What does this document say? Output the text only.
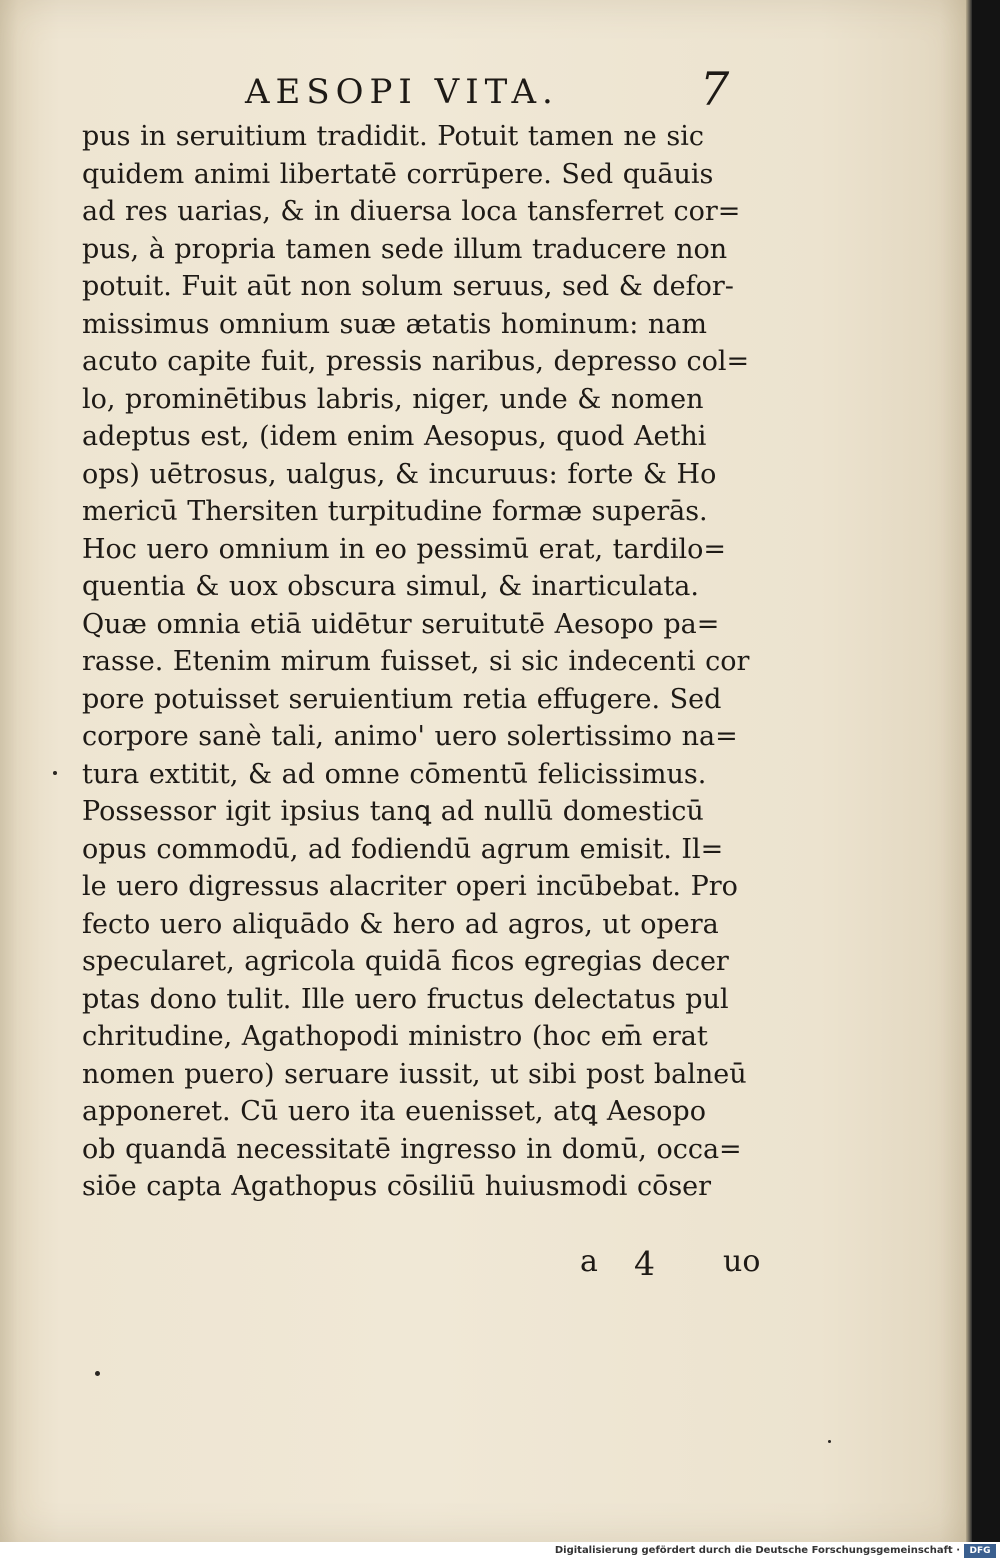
AESOPI VITA.	7
pus in seruitium tradidit. Potuit tamen ne sic
quidem animi libertatē corrūpere. Sed quāuis
ad res uarias, & in diuersa loca tansferret cor=
pus, à propria tamen sede illum traducere non
potuit. Fuit aūt non solum seruus, sed & defor-
missimus omnium suæ ætatis hominum: nam
acuto capite fuit, pressis naribus, depresso col=
lo, prominētibus labris, niger, unde & nomen
adeptus est, (idem enim Aesopus, quod Aethi
ops) uētrosus, ualgus, & incuruus: forte & Ho
mericū Thersiten turpitudine formæ superās.
Hoc uero omnium in eo pessimū erat, tardilo=
quentia & uox obscura simul, & inarticulata.
Quæ omnia etiā uidētur seruitutē Aesopo pa=
rasse. Etenim mirum fuisset, si sic indecenti cor
pore potuisset seruientium retia effugere. Sed
corpore sanè tali, animo' uero solertissimo na=
tura extitit, & ad omne cōmentū felicissimus.
Possessor igit ipsius tanꝗ ad nullū domesticū
opus commodū, ad fodiendū agrum emisit. Il=
le uero digressus alacriter operi incūbebat. Pro
fecto uero aliquādo & hero ad agros, ut opera
specularet, agricola quidā ficos egregias decer
ptas dono tulit. Ille uero fructus delectatus pul
chritudine, Agathopodi ministro (hoc em̄ erat
nomen puero) seruare iussit, ut sibi post balneū
apponeret. Cū uero ita euenisset, atꝗ Aesopo
ob quandā necessitatē ingresso in domū, occa=
siōe capta Agathopus cōsiliū huiusmodi cōser
a 4 uo
Digitalisierung gefördert durch die Deutsche Forschungsgemeinschaft ·	DFG
